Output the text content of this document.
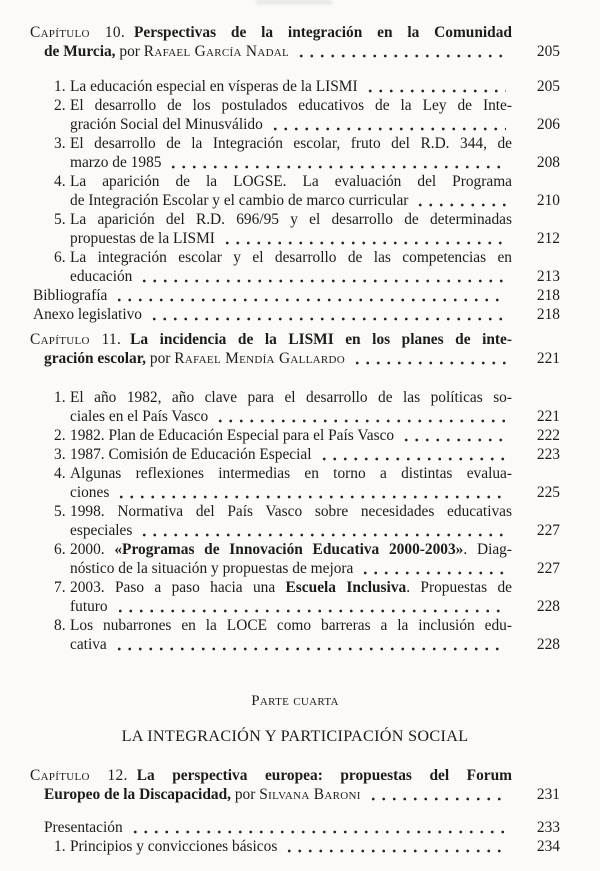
Capítulo 10. Perspectivas de la integración en la Comunidad
de Murcia, por Rafael García Nadal	205
1. La educación especial en vísperas de la LISMI	205
2. El desarrollo de los postulados educativos de la Ley de Inte-
gración Social del Minusválido	206
3. El desarrollo de la Integración escolar, fruto del R.D. 344, de
marzo de 1985	208
4. La aparición de la LOGSE. La evaluación del Programa
de Integración Escolar y el cambio de marco curricular	210
5. La aparición del R.D. 696/95 y el desarrollo de determinadas
propuestas de la LISMI	212
6. La integración escolar y el desarrollo de las competencias en
educación	213
Bibliografía	218
Anexo legislativo	218
Capítulo 11. La incidencia de la LISMI en los planes de inte-
gración escolar, por Rafael Mendía Gallardo	221
1. El año 1982, año clave para el desarrollo de las políticas so-
ciales en el País Vasco	221
2. 1982. Plan de Educación Especial para el País Vasco	222
3. 1987. Comisión de Educación Especial	223
4. Algunas reflexiones intermedias en torno a distintas evalua-
ciones	225
5. 1998. Normativa del País Vasco sobre necesidades educativas
especiales	227
6. 2000. «Programas de Innovación Educativa 2000-2003». Diag-
nóstico de la situación y propuestas de mejora	227
7. 2003. Paso a paso hacia una Escuela Inclusiva. Propuestas de
futuro	228
8. Los nubarrones en la LOCE como barreras a la inclusión edu-
cativa	228
Parte cuarta
LA INTEGRACIÓN Y PARTICIPACIÓN SOCIAL
Capítulo 12. La perspectiva europea: propuestas del Forum
Europeo de la Discapacidad, por Silvana Baroni	231
Presentación	233
1. Principios y convicciones básicos	234
